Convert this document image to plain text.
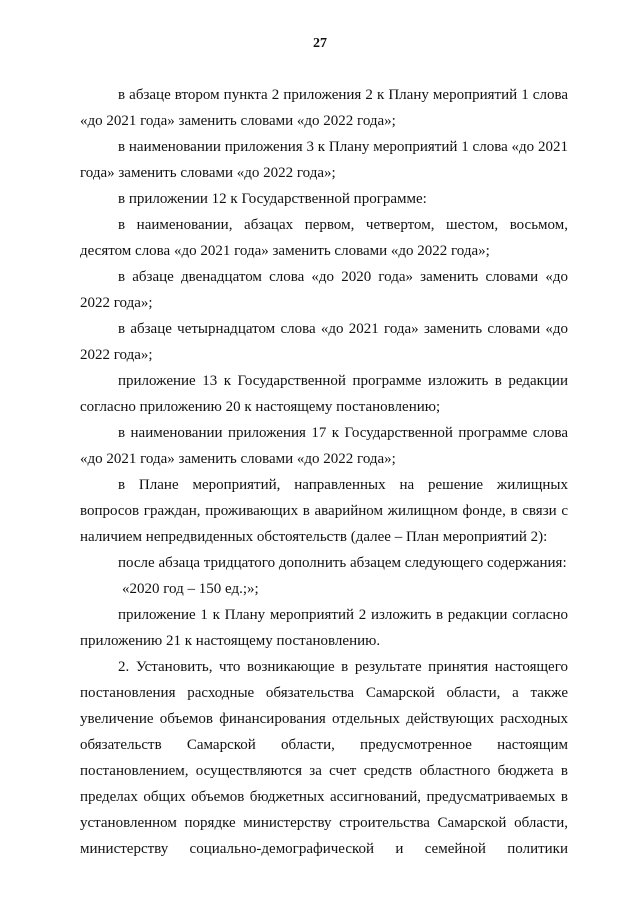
27

в абзаце втором пункта 2 приложения 2 к Плану мероприятий 1 слова «до 2021 года» заменить словами «до 2022 года»;

в наименовании приложения 3 к Плану мероприятий 1 слова «до 2021 года» заменить словами «до 2022 года»;

в приложении 12 к Государственной программе:

в наименовании, абзацах первом, четвертом, шестом, восьмом, десятом слова «до 2021 года» заменить словами «до 2022 года»;

в абзаце двенадцатом слова «до 2020 года» заменить словами «до 2022 года»;

в абзаце четырнадцатом слова «до 2021 года» заменить словами «до 2022 года»;

приложение 13 к Государственной программе изложить в редакции согласно приложению 20 к настоящему постановлению;

в наименовании приложения 17 к Государственной программе слова «до 2021 года» заменить словами «до 2022 года»;

в Плане мероприятий, направленных на решение жилищных вопросов граждан, проживающих в аварийном жилищном фонде, в связи с наличием непредвиденных обстоятельств (далее – План мероприятий 2):

после абзаца тридцатого дополнить абзацем следующего содержания:

«2020 год – 150 ед.;»;

приложение 1 к Плану мероприятий 2 изложить в редакции согласно приложению 21 к настоящему постановлению.

2. Установить, что возникающие в результате принятия настоящего постановления расходные обязательства Самарской области, а также увеличение объемов финансирования отдельных действующих расходных обязательств Самарской области, предусмотренное настоящим постановлением, осуществляются за счет средств областного бюджета в пределах общих объемов бюджетных ассигнований, предусматриваемых в установленном порядке министерству строительства Самарской области, министерству социально-демографической и семейной политики
